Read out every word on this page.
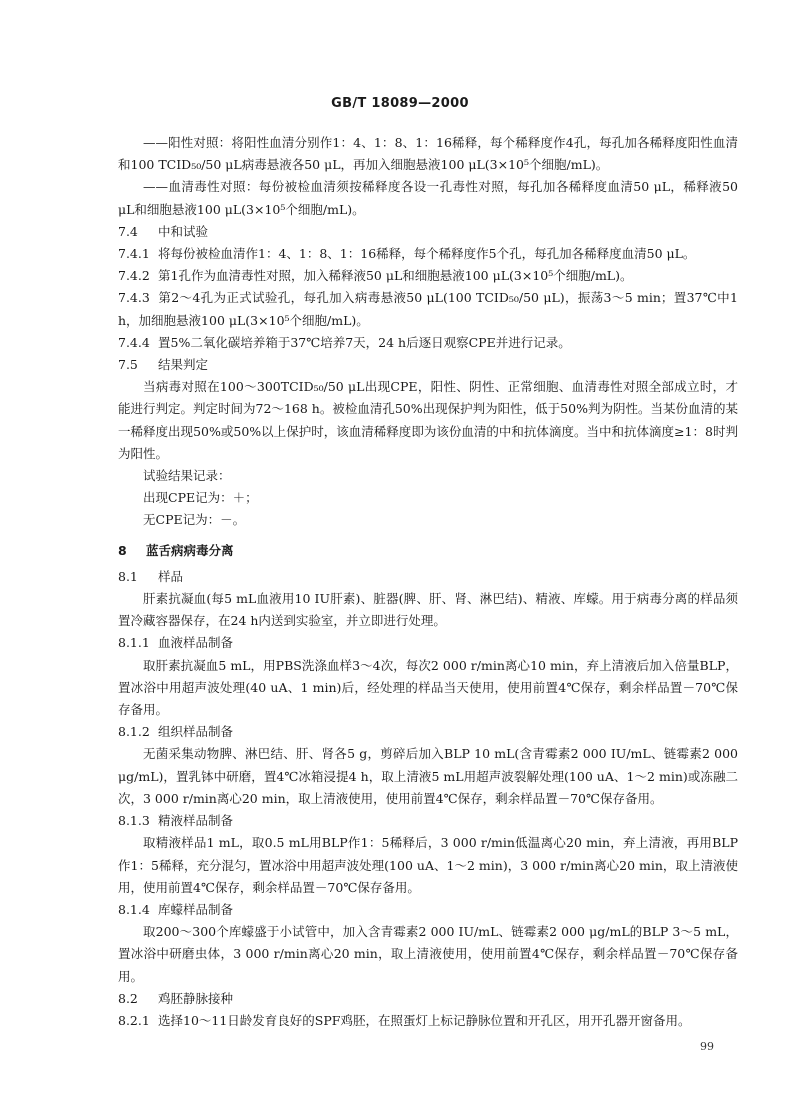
GB/T 18089—2000

——阳性对照：将阳性血清分别作1：4、1：8、1：16稀释，每个稀释度作4孔，每孔加各稀释度阳性血清和100 TCID₅₀/50 μL病毒悬液各50 μL，再加入细胞悬液100 μL(3×10⁵个细胞/mL)。

——血清毒性对照：每份被检血清须按稀释度各设一孔毒性对照，每孔加各稀释度血清50 μL，稀释液50 μL和细胞悬液100 μL(3×10⁵个细胞/mL)。

7.4 中和试验

7.4.1 将每份被检血清作1：4、1：8、1：16稀释，每个稀释度作5个孔，每孔加各稀释度血清50 μL。

7.4.2 第1孔作为血清毒性对照，加入稀释液50 μL和细胞悬液100 μL(3×10⁵个细胞/mL)。

7.4.3 第2～4孔为正式试验孔，每孔加入病毒悬液50 μL(100 TCID₅₀/50 μL)，振荡3～5 min；置37℃中1 h，加细胞悬液100 μL(3×10⁵个细胞/mL)。

7.4.4 置5%二氧化碳培养箱于37℃培养7天，24 h后逐日观察CPE并进行记录。

7.5 结果判定

当病毒对照在100～300TCID₅₀/50 μL出现CPE，阳性、阴性、正常细胞、血清毒性对照全部成立时，才能进行判定。判定时间为72～168 h。被检血清孔50%出现保护判为阳性，低于50%判为阴性。当某份血清的某一稀释度出现50%或50%以上保护时，该血清稀释度即为该份血清的中和抗体滴度。当中和抗体滴度≥1：8时判为阳性。

试验结果记录：

出现CPE记为：＋；

无CPE记为：－。

8 蓝舌病病毒分离

8.1 样品

肝素抗凝血(每5 mL血液用10 IU肝素)、脏器(脾、肝、肾、淋巴结)、精液、库蠓。用于病毒分离的样品须置冷藏容器保存，在24 h内送到实验室，并立即进行处理。

8.1.1 血液样品制备

取肝素抗凝血5 mL，用PBS洗涤血样3～4次，每次2 000 r/min离心10 min，弃上清液后加入倍量BLP，置冰浴中用超声波处理(40 uA、1 min)后，经处理的样品当天使用，使用前置4℃保存，剩余样品置－70℃保存备用。

8.1.2 组织样品制备

无菌采集动物脾、淋巴结、肝、肾各5 g，剪碎后加入BLP 10 mL(含青霉素2 000 IU/mL、链霉素2 000 μg/mL)，置乳钵中研磨，置4℃冰箱浸提4 h，取上清液5 mL用超声波裂解处理(100 uA、1～2 min)或冻融二次，3 000 r/min离心20 min，取上清液使用，使用前置4℃保存，剩余样品置－70℃保存备用。

8.1.3 精液样品制备

取精液样品1 mL，取0.5 mL用BLP作1：5稀释后，3 000 r/min低温离心20 min，弃上清液，再用BLP作1：5稀释，充分混匀，置冰浴中用超声波处理(100 uA、1～2 min)，3 000 r/min离心20 min，取上清液使用，使用前置4℃保存，剩余样品置－70℃保存备用。

8.1.4 库蠓样品制备

取200～300个库蠓盛于小试管中，加入含青霉素2 000 IU/mL、链霉素2 000 μg/mL的BLP 3～5 mL，置冰浴中研磨虫体，3 000 r/min离心20 min，取上清液使用，使用前置4℃保存，剩余样品置－70℃保存备用。

8.2 鸡胚静脉接种

8.2.1 选择10～11日龄发育良好的SPF鸡胚，在照蛋灯上标记静脉位置和开孔区，用开孔器开窗备用。

99
